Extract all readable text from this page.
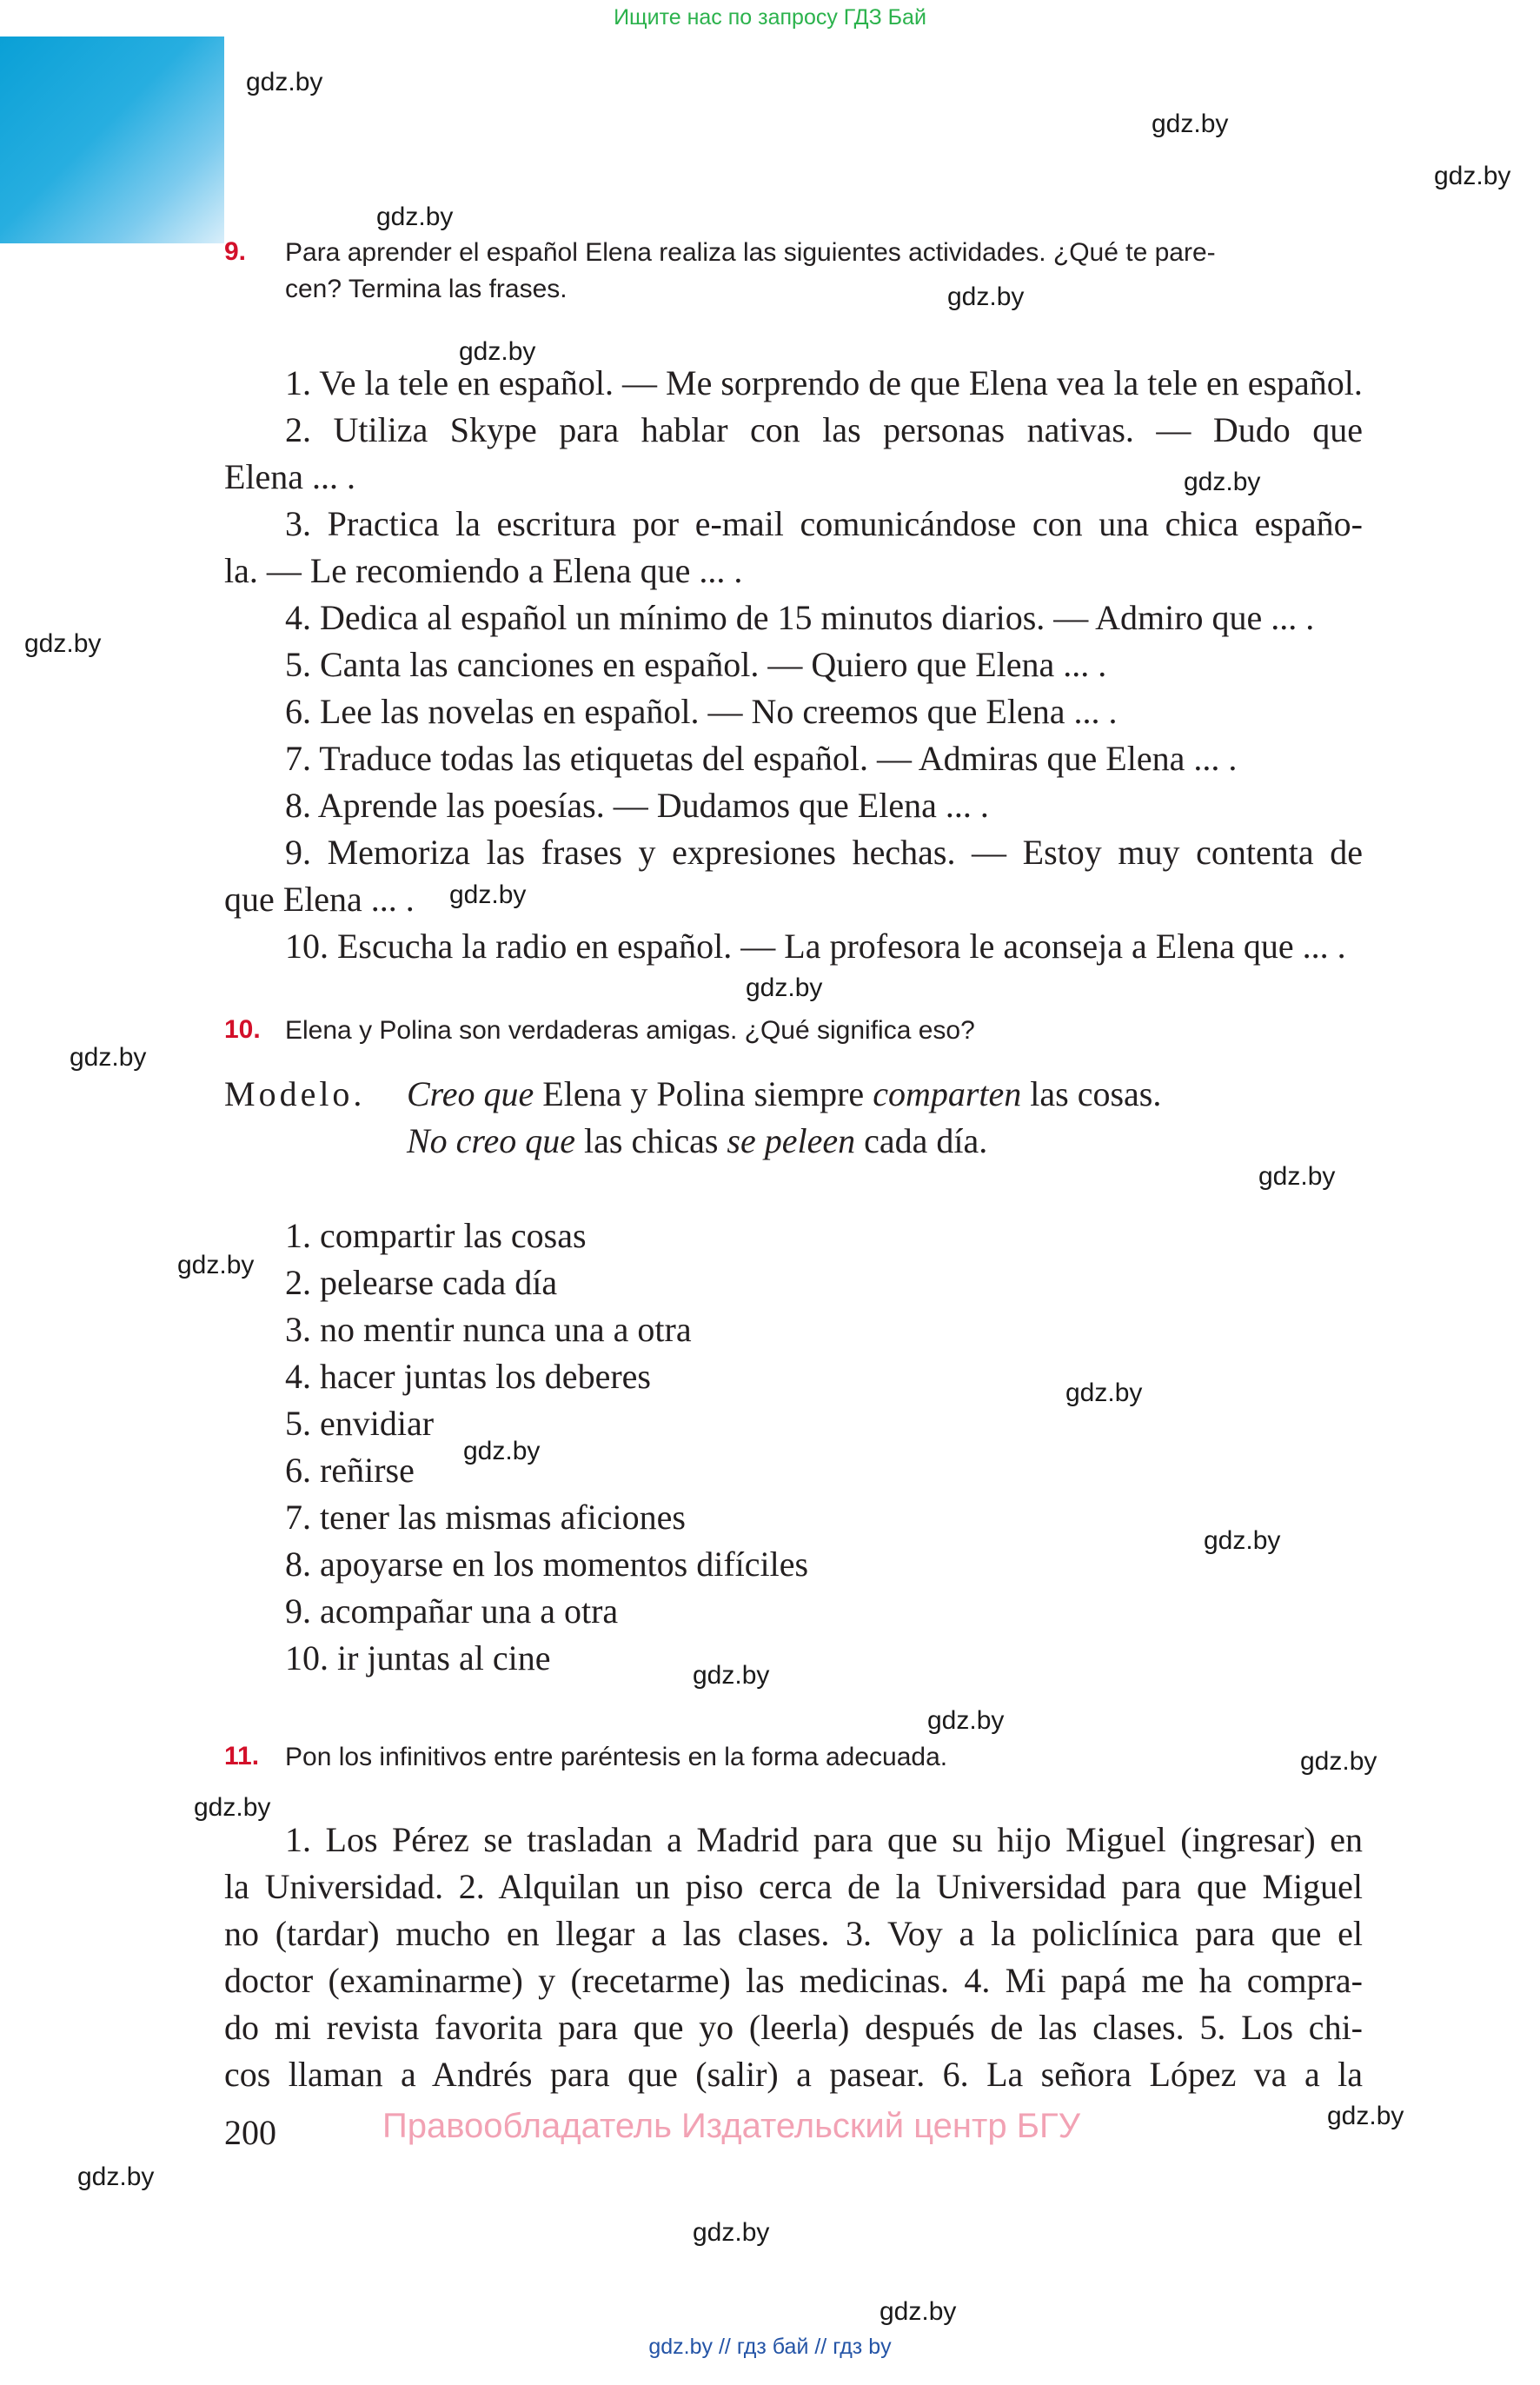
Ищите нас по запросу ГДЗ Бай
gdz.by
gdz.by
gdz.by
gdz.by
gdz.by
gdz.by
gdz.by
gdz.by
gdz.by
gdz.by
gdz.by
gdz.by
gdz.by
gdz.by
gdz.by
gdz.by
gdz.by
gdz.by
gdz.by
gdz.by
gdz.by
gdz.by
gdz.by
gdz.by
9. Para aprender el español Elena realiza las siguientes actividades. ¿Qué te pare-
cen? Termina las frases.
1. Ve la tele en español. — Me sorprendo de que Elena vea la tele en español.
2. Utiliza Skype para hablar con las personas nativas. — Dudo que
Elena ... .
3. Practica la escritura por e-mail comunicándose con una chica españo-
la. — Le recomiendo a Elena que ... .
4. Dedica al español un mínimo de 15 minutos diarios. — Admiro que ... .
5. Canta las canciones en español. — Quiero que Elena ... .
6. Lee las novelas en español. — No creemos que Elena ... .
7. Traduce todas las etiquetas del español. — Admiras que Elena ... .
8. Aprende las poesías. — Dudamos que Elena ... .
9. Memoriza las frases y expresiones hechas. — Estoy muy contenta de
que Elena ... .
10. Escucha la radio en español. — La profesora le aconseja a Elena que ... .
10. Elena y Polina son verdaderas amigas. ¿Qué significa eso?
Modelo. Creo que Elena y Polina siempre comparten las cosas.
No creo que las chicas se peleen cada día.
1. compartir las cosas
2. pelearse cada día
3. no mentir nunca una a otra
4. hacer juntas los deberes
5. envidiar
6. reñirse
7. tener las mismas aficiones
8. apoyarse en los momentos difíciles
9. acompañar una a otra
10. ir juntas al cine
11. Pon los infinitivos entre paréntesis en la forma adecuada.
1. Los Pérez se trasladan a Madrid para que su hijo Miguel (ingresar) en
la Universidad. 2. Alquilan un piso cerca de la Universidad para que Miguel
no (tardar) mucho en llegar a las clases. 3. Voy a la policlínica para que el
doctor (examinarme) y (recetarme) las medicinas. 4. Mi papá me ha compra-
do mi revista favorita para que yo (leerla) después de las clases. 5. Los chi-
cos llaman a Andrés para que (salir) a pasear. 6. La señora López va a la
200	Правообладатель Издательский центр БГУ
gdz.by // гдз бай // гдз by
